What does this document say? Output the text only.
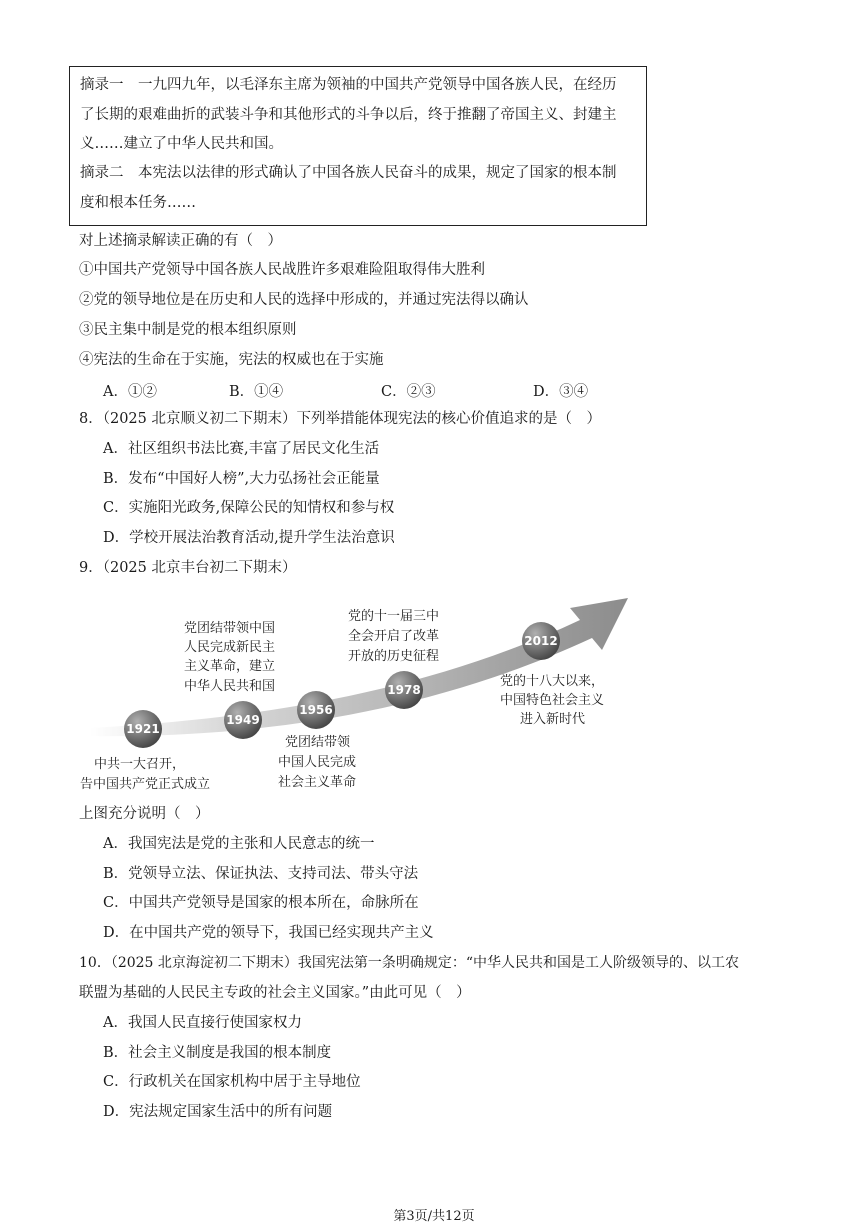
摘录一　一九四九年，以毛泽东主席为领袖的中国共产党领导中国各族人民，在经历
了长期的艰难曲折的武装斗争和其他形式的斗争以后，终于推翻了帝国主义、封建主
义……建立了中华人民共和国。
摘录二　本宪法以法律的形式确认了中国各族人民奋斗的成果，规定了国家的根本制
度和根本任务……
对上述摘录解读正确的有（　）
①中国共产党领导中国各族人民战胜许多艰难险阻取得伟大胜利
②党的领导地位是在历史和人民的选择中形成的，并通过宪法得以确认
③民主集中制是党的根本组织原则
④宪法的生命在于实施，宪法的权威也在于实施
A．①②	B．①④	C．②③	D．③④
8．（2025 北京顺义初二下期末）下列举措能体现宪法的核心价值追求的是（　）
A．社区组织书法比赛,丰富了居民文化生活
B．发布“中国好人榜”,大力弘扬社会正能量
C．实施阳光政务,保障公民的知情权和参与权
D．学校开展法治教育活动,提升学生法治意识
9．（2025 北京丰台初二下期末）
1921
1949
1956
1978
2012
中共一大召开，
告中国共产党正式成立
党团结带领中国
人民完成新民主
主义革命，建立
中华人民共和国
党团结带领
中国人民完成
社会主义革命
党的十一届三中
全会开启了改革
开放的历史征程
党的十八大以来，
中国特色社会主义
进入新时代
上图充分说明（　）
A．我国宪法是党的主张和人民意志的统一
B．党领导立法、保证执法、支持司法、带头守法
C．中国共产党领导是国家的根本所在，命脉所在
D．在中国共产党的领导下，我国已经实现共产主义
10．（2025 北京海淀初二下期末）我国宪法第一条明确规定：“中华人民共和国是工人阶级领导的、以工农
联盟为基础的人民民主专政的社会主义国家。”由此可见（　）
A．我国人民直接行使国家权力
B．社会主义制度是我国的根本制度
C．行政机关在国家机构中居于主导地位
D．宪法规定国家生活中的所有问题
第3页/共12页
